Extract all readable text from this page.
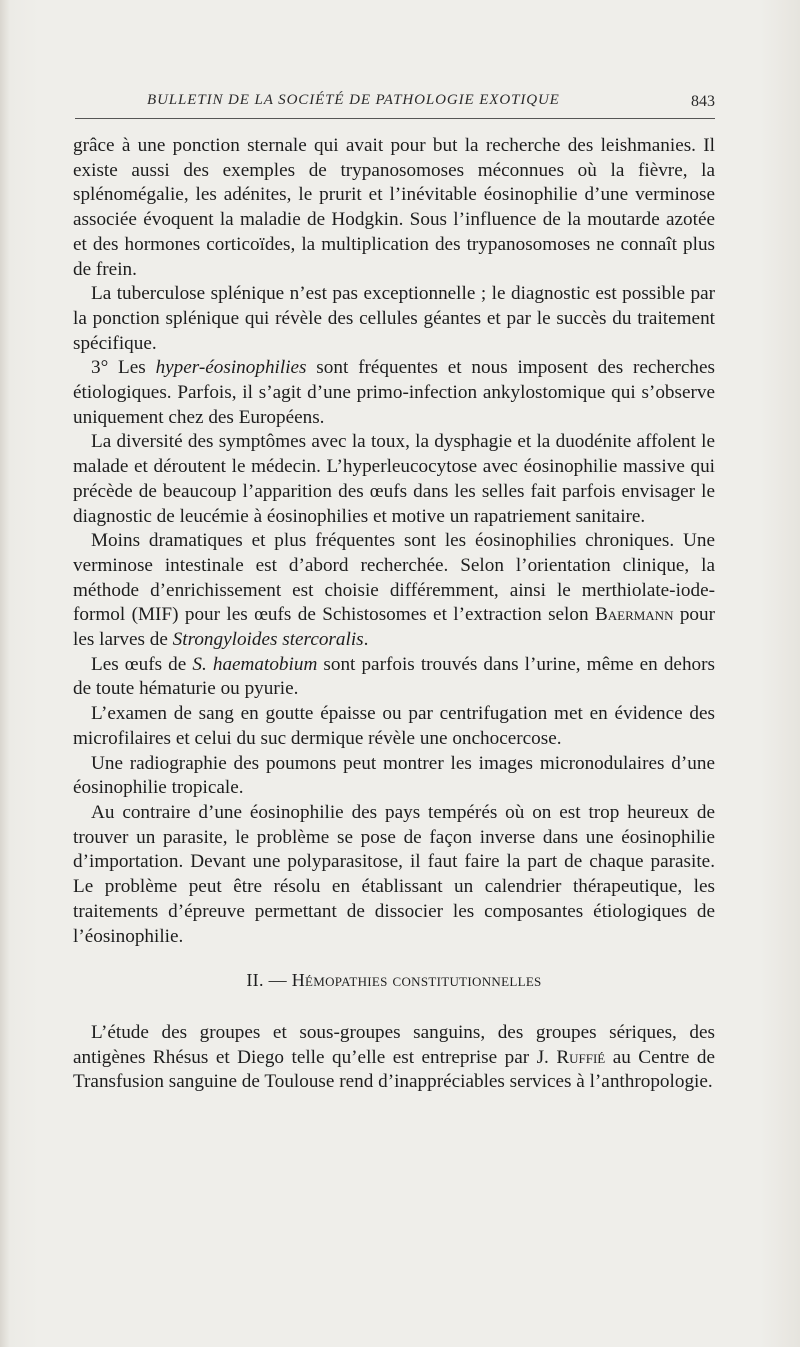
BULLETIN DE LA SOCIÉTÉ DE PATHOLOGIE EXOTIQUE	843

grâce à une ponction sternale qui avait pour but la recherche des leishmanies. Il existe aussi des exemples de trypanosomoses méconnues où la fièvre, la splénomégalie, les adénites, le prurit et l’inévitable éosinophilie d’une verminose associée évoquent la maladie de Hodgkin. Sous l’influence de la moutarde azotée et des hormones corticoïdes, la multiplication des trypanosomoses ne connaît plus de frein.

La tuberculose splénique n’est pas exceptionnelle ; le diagnostic est possible par la ponction splénique qui révèle des cellules géantes et par le succès du traitement spécifique.

3° Les hyper-éosinophilies sont fréquentes et nous imposent des recherches étiologiques. Parfois, il s’agit d’une primo-infection ankylostomique qui s’observe uniquement chez des Européens.

La diversité des symptômes avec la toux, la dysphagie et la duodénite affolent le malade et déroutent le médecin. L’hyperleucocytose avec éosinophilie massive qui précède de beaucoup l’apparition des œufs dans les selles fait parfois envisager le diagnostic de leucémie à éosinophilies et motive un rapatriement sanitaire.

Moins dramatiques et plus fréquentes sont les éosinophilies chroniques. Une verminose intestinale est d’abord recherchée. Selon l’orientation clinique, la méthode d’enrichissement est choisie différemment, ainsi le merthiolate-iode-formol (MIF) pour les œufs de Schistosomes et l’extraction selon Baermann pour les larves de Strongyloides stercoralis.

Les œufs de S. haematobium sont parfois trouvés dans l’urine, même en dehors de toute hématurie ou pyurie.

L’examen de sang en goutte épaisse ou par centrifugation met en évidence des microfilaires et celui du suc dermique révèle une onchocercose.

Une radiographie des poumons peut montrer les images micronodulaires d’une éosinophilie tropicale.

Au contraire d’une éosinophilie des pays tempérés où on est trop heureux de trouver un parasite, le problème se pose de façon inverse dans une éosinophilie d’importation. Devant une polyparasitose, il faut faire la part de chaque parasite. Le problème peut être résolu en établissant un calendrier thérapeutique, les traitements d’épreuve permettant de dissocier les composantes étiologiques de l’éosinophilie.

II. — Hémopathies constitutionnelles

L’étude des groupes et sous-groupes sanguins, des groupes sériques, des antigènes Rhésus et Diego telle qu’elle est entreprise par J. Ruffié au Centre de Transfusion sanguine de Toulouse rend d’inappréciables services à l’anthropologie.
